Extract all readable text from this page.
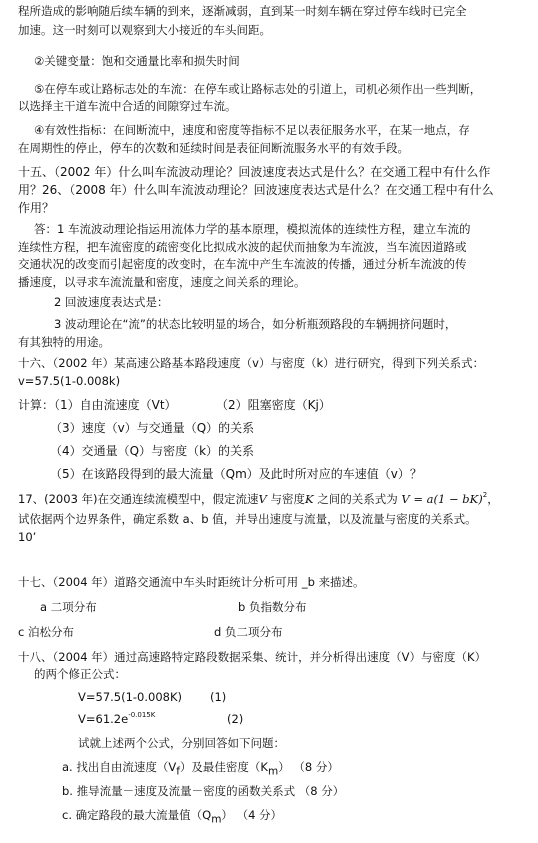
程所造成的影响随后续车辆的到来，逐渐减弱，直到某一时刻车辆在穿过停车线时已完全
加速。这一时刻可以观察到大小接近的车头间距。
②关键变量：饱和交通量比率和损失时间
⑤在停车或让路标志处的车流：在停车或让路标志处的引道上，司机必须作出一些判断，
以选择主干道车流中合适的间隙穿过车流。
④有效性指标：在间断流中，速度和密度等指标不足以表征服务水平，在某一地点，存
在周期性的停止，停车的次数和延续时间是表征间断流服务水平的有效手段。
十五、（2002 年）什么叫车流波动理论？回波速度表达式是什么？在交通工程中有什么作
用？26、（2008 年）什么叫车流波动理论？回波速度表达式是什么？在交通工程中有什么
作用？
答：1 车流波动理论指运用流体力学的基本原理，模拟流体的连续性方程，建立车流的
连续性方程，把车流密度的疏密变化比拟成水波的起伏而抽象为车流波，当车流因道路或
交通状况的改变而引起密度的改变时，在车流中产生车流波的传播，通过分析车流波的传
播速度，以寻求车流流量和密度，速度之间关系的理论。
2 回波速度表达式是：
3 波动理论在“流”的状态比较明显的场合，如分析瓶颈路段的车辆拥挤问题时，
有其独特的用途。
十六、（2002 年）某高速公路基本路段速度（v）与密度（k）进行研究，得到下列关系式：
v=57.5(1-0.008k)
计算：（1）自由流速度（Vt）	（2）阻塞密度（Kj）
（3）速度（v）与交通量（Q）的关系
（4）交通量（Q）与密度（k）的关系
（5）在该路段得到的最大流量（Qm）及此时所对应的车速值（v）？
17、(2003 年)在交通连续流模型中，假定流速V 与密度K 之间的关系式为 V = a(1 − bK)$^2$，
试依据两个边界条件，确定系数 a、b 值，并导出速度与流量，以及流量与密度的关系式。
10’
十七、（2004 年）道路交通流中车头时距统计分析可用 _b 来描述。
a 二项分布	b 负指数分布
c 泊松分布	d 负二项分布
十八、（2004 年）通过高速路特定路段数据采集、统计，并分析得出速度（V）与密度（K）
的两个修正公式：
V=57.5(1-0.008K) (1)
$V=61.2e^{-0.015K}$	(2)
试就上述两个公式，分别回答如下问题：
a. 找出自由流速度$(V_f)$及最佳密度$(K_m)$ （8 分）
b. 推导流量－速度及流量－密度的函数关系式 （8 分）
c. 确定路段的最大流量值$(Q_m)$ （4 分）
